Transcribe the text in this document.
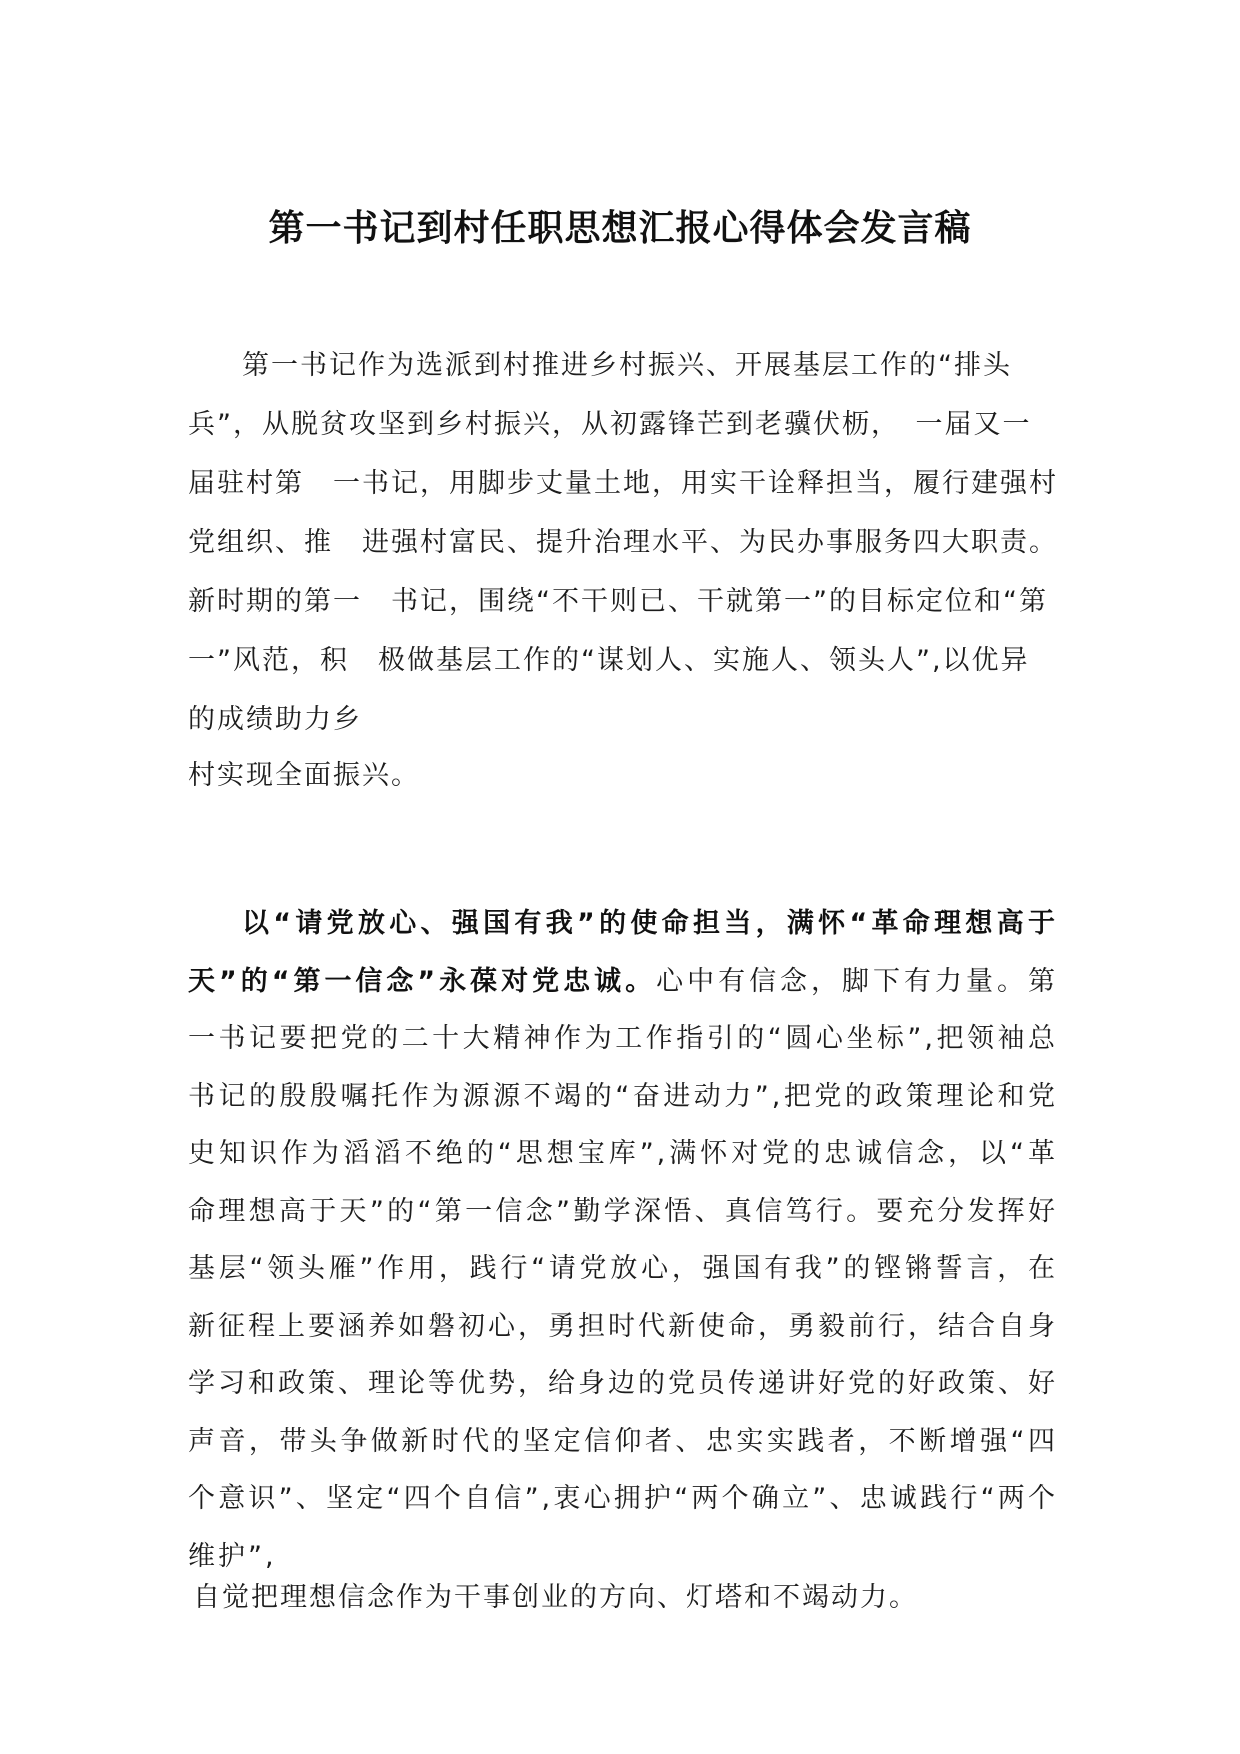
第一书记到村任职思想汇报心得体会发言稿

第一书记作为选派到村推进乡村振兴、开展基层工作的“排头兵”，从脱贫攻坚到乡村振兴，从初露锋芒到老骥伏枥，　一届又一届驻村第　一书记，用脚步丈量土地，用实干诠释担当，履行建强村党组织、推　进强村富民、提升治理水平、为民办事服务四大职责。新时期的第一　书记，围绕“不干则已、干就第一”的目标定位和“第一”风范，积　极做基层工作的“谋划人、实施人、领头人”,以优异的成绩助力乡

村实现全面振兴。

以“请党放心、强国有我”的使命担当，满怀“革命理想高于天”的“第一信念”永葆对党忠诚。心中有信念，脚下有力量。第一书记要把党的二十大精神作为工作指引的“圆心坐标”,把领袖总书记的殷殷嘱托作为源源不竭的“奋进动力”,把党的政策理论和党史知识作为滔滔不绝的“思想宝库”,满怀对党的忠诚信念，以“革命理想高于天”的“第一信念”勤学深悟、真信笃行。要充分发挥好基层“领头雁”作用，践行“请党放心，强国有我”的铿锵誓言，在新征程上要涵养如磐初心，勇担时代新使命，勇毅前行，结合自身学习和政策、理论等优势，给身边的党员传递讲好党的好政策、好声音，带头争做新时代的坚定信仰者、忠实实践者，不断增强“四个意识”、坚定“四个自信”,衷心拥护“两个确立”、忠诚践行“两个维护”,

自觉把理想信念作为干事创业的方向、灯塔和不竭动力。
